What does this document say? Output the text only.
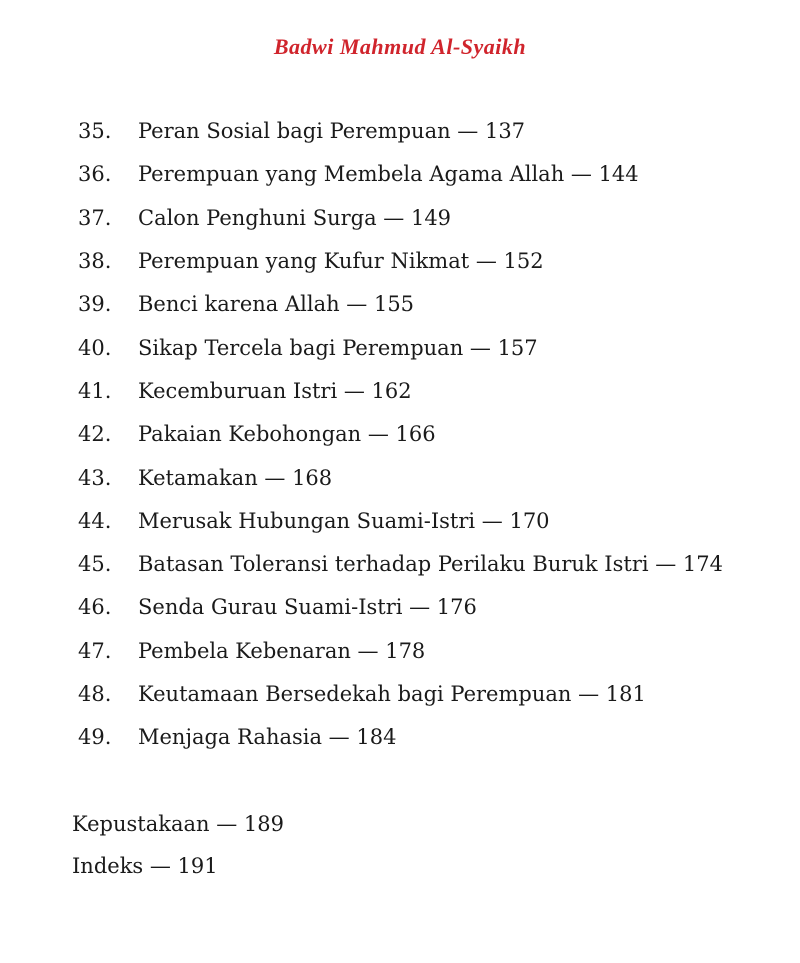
Badwi Mahmud Al-Syaikh
35.	Peran Sosial bagi Perempuan — 137
36.	Perempuan yang Membela Agama Allah — 144
37.	Calon Penghuni Surga — 149
38.	Perempuan yang Kufur Nikmat — 152
39.	Benci karena Allah — 155
40.	Sikap Tercela bagi Perempuan — 157
41.	Kecemburuan Istri — 162
42.	Pakaian Kebohongan — 166
43.	Ketamakan — 168
44.	Merusak Hubungan Suami-Istri — 170
45.	Batasan Toleransi terhadap Perilaku Buruk Istri — 174
46.	Senda Gurau Suami-Istri — 176
47.	Pembela Kebenaran — 178
48.	Keutamaan Bersedekah bagi Perempuan — 181
49.	Menjaga Rahasia — 184
Kepustakaan — 189
Indeks — 191
